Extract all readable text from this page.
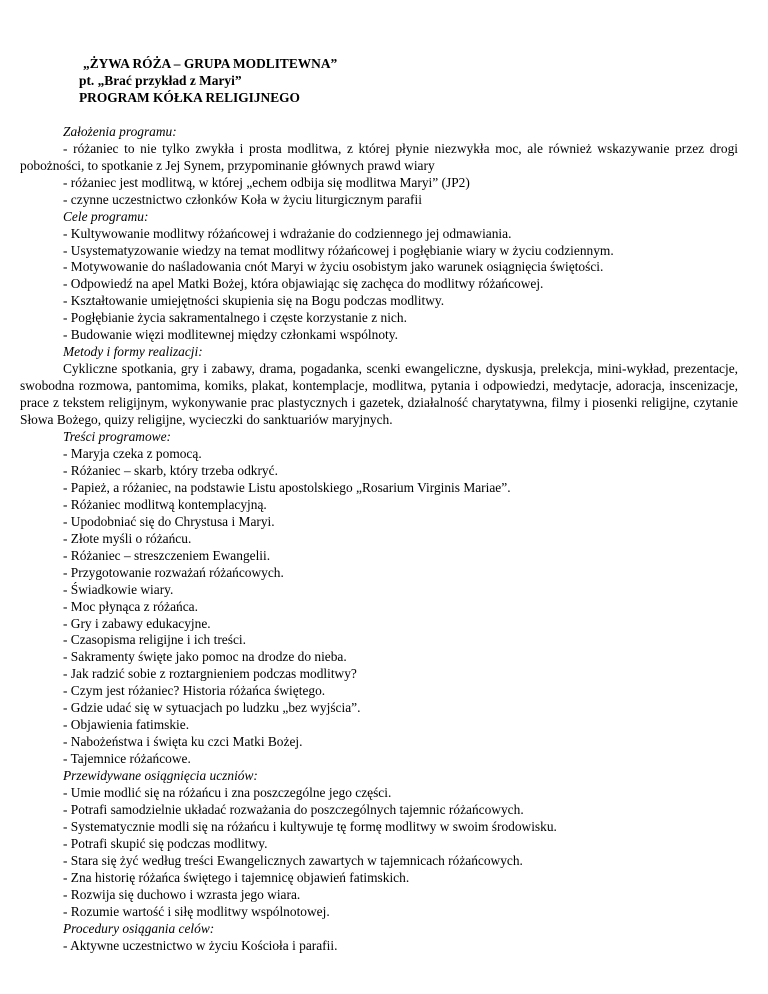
„ŻYWA RÓŻA – GRUPA MODLITEWNA”
pt. „Brać przykład z Maryi”
PROGRAM KÓŁKA RELIGIJNEGO
Założenia programu:

- różaniec to nie tylko zwykła i prosta modlitwa, z której płynie niezwykła moc, ale również wskazywanie przez drogi pobożności, to spotkanie z Jej Synem, przypominanie głównych prawd wiary

- różaniec jest modlitwą, w której „echem odbija się modlitwa Maryi” (JP2)
- czynne uczestnictwo członków Koła w życiu liturgicznym parafii
Cele programu:
- Kultywowanie modlitwy różańcowej i wdrażanie do codziennego jej odmawiania.
- Usystematyzowanie wiedzy na temat modlitwy różańcowej i pogłębianie wiary w życiu codziennym.
- Motywowanie do naśladowania cnót Maryi w życiu osobistym jako warunek osiągnięcia świętości.
- Odpowiedź na apel Matki Bożej, która objawiając się zachęca do modlitwy różańcowej.
- Kształtowanie umiejętności skupienia się na Bogu podczas modlitwy.
- Pogłębianie życia sakramentalnego i częste korzystanie z nich.
- Budowanie więzi modlitewnej między członkami wspólnoty.
Metody i formy realizacji:

Cykliczne spotkania, gry i zabawy, drama, pogadanka, scenki ewangeliczne, dyskusja, prelekcja, mini-wykład, prezentacje, swobodna rozmowa, pantomima, komiks, plakat, kontemplacje, modlitwa, pytania i odpowiedzi, medytacje, adoracja, inscenizacje, prace z tekstem religijnym, wykonywanie prac plastycznych i gazetek, działalność charytatywna, filmy i piosenki religijne, czytanie Słowa Bożego, quizy religijne, wycieczki do sanktuariów maryjnych.

Treści programowe:
- Maryja czeka z pomocą.
- Różaniec – skarb, który trzeba odkryć.
- Papież, a różaniec, na podstawie Listu apostolskiego „Rosarium Virginis Mariae”.
- Różaniec modlitwą kontemplacyjną.
- Upodobniać się do Chrystusa i Maryi.
- Złote myśli o różańcu.
- Różaniec – streszczeniem Ewangelii.
- Przygotowanie rozważań różańcowych.
- Świadkowie wiary.
- Moc płynąca z różańca.
- Gry i zabawy edukacyjne.
- Czasopisma religijne i ich treści.
- Sakramenty święte jako pomoc na drodze do nieba.
- Jak radzić sobie z roztargnieniem podczas modlitwy?
- Czym jest różaniec? Historia różańca świętego.
- Gdzie udać się w sytuacjach po ludzku „bez wyjścia”.
- Objawienia fatimskie.
- Nabożeństwa i święta ku czci Matki Bożej.
- Tajemnice różańcowe.
Przewidywane osiągnięcia uczniów:
- Umie modlić się na różańcu i zna poszczególne jego części.
- Potrafi samodzielnie układać rozważania do poszczególnych tajemnic różańcowych.
- Systematycznie modli się na różańcu i kultywuje tę formę modlitwy w swoim środowisku.
- Potrafi skupić się podczas modlitwy.
- Stara się żyć według treści Ewangelicznych zawartych w tajemnicach różańcowych.
- Zna historię różańca świętego i tajemnicę objawień fatimskich.
- Rozwija się duchowo i wzrasta jego wiara.
- Rozumie wartość i siłę modlitwy wspólnotowej.
Procedury osiągania celów:
- Aktywne uczestnictwo w życiu Kościoła i parafii.
